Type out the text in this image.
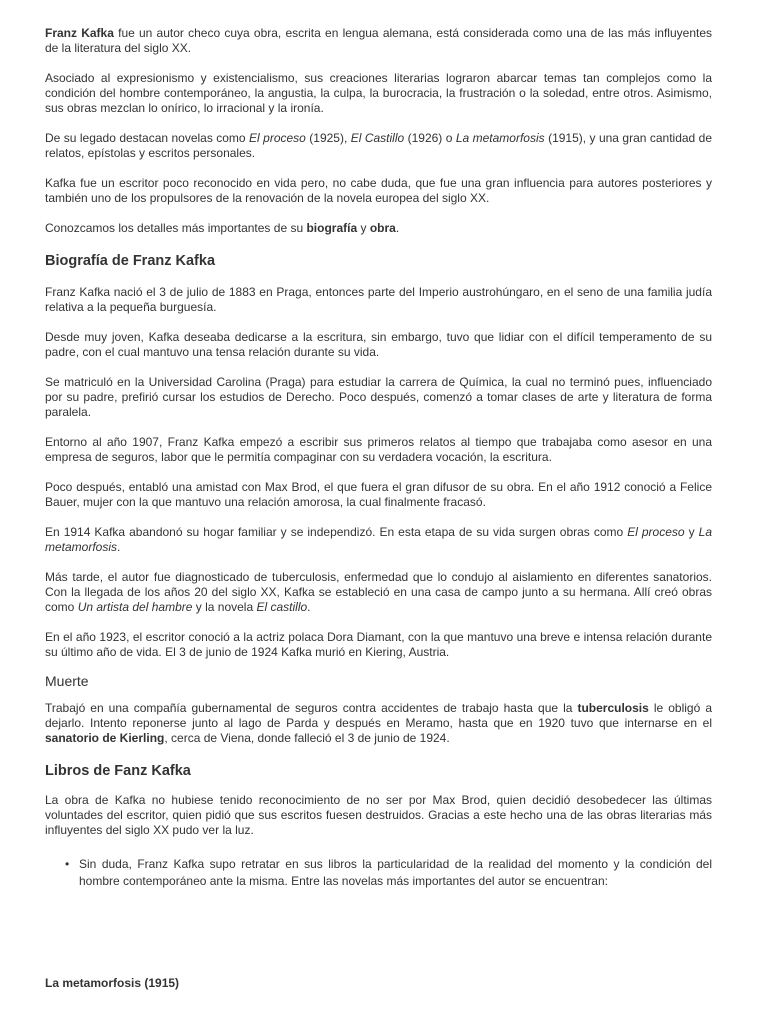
Franz Kafka fue un autor checo cuya obra, escrita en lengua alemana, está considerada como una de las más influyentes de la literatura del siglo XX.

Asociado al expresionismo y existencialismo, sus creaciones literarias lograron abarcar temas tan complejos como la condición del hombre contemporáneo, la angustia, la culpa, la burocracia, la frustración o la soledad, entre otros. Asimismo, sus obras mezclan lo onírico, lo irracional y la ironía.

De su legado destacan novelas como El proceso (1925), El Castillo (1926) o La metamorfosis (1915), y una gran cantidad de relatos, epístolas y escritos personales.

Kafka fue un escritor poco reconocido en vida pero, no cabe duda, que fue una gran influencia para autores posteriores y también uno de los propulsores de la renovación de la novela europea del siglo XX.

Conozcamos los detalles más importantes de su biografía y obra.

Biografía de Franz Kafka

Franz Kafka nació el 3 de julio de 1883 en Praga, entonces parte del Imperio austrohúngaro, en el seno de una familia judía relativa a la pequeña burguesía.

Desde muy joven, Kafka deseaba dedicarse a la escritura, sin embargo, tuvo que lidiar con el difícil temperamento de su padre, con el cual mantuvo una tensa relación durante su vida.

Se matriculó en la Universidad Carolina (Praga) para estudiar la carrera de Química, la cual no terminó pues, influenciado por su padre, prefirió cursar los estudios de Derecho. Poco después, comenzó a tomar clases de arte y literatura de forma paralela.

Entorno al año 1907, Franz Kafka empezó a escribir sus primeros relatos al tiempo que trabajaba como asesor en una empresa de seguros, labor que le permitía compaginar con su verdadera vocación, la escritura.

Poco después, entabló una amistad con Max Brod, el que fuera el gran difusor de su obra. En el año 1912 conoció a Felice Bauer, mujer con la que mantuvo una relación amorosa, la cual finalmente fracasó.

En 1914 Kafka abandonó su hogar familiar y se independizó. En esta etapa de su vida surgen obras como El proceso y La metamorfosis.

Más tarde, el autor fue diagnosticado de tuberculosis, enfermedad que lo condujo al aislamiento en diferentes sanatorios. Con la llegada de los años 20 del siglo XX, Kafka se estableció en una casa de campo junto a su hermana. Allí creó obras como Un artista del hambre y la novela El castillo.

En el año 1923, el escritor conoció a la actriz polaca Dora Diamant, con la que mantuvo una breve e intensa relación durante su último año de vida. El 3 de junio de 1924 Kafka murió en Kiering, Austria.

Muerte

Trabajó en una compañía gubernamental de seguros contra accidentes de trabajo hasta que la tuberculosis le obligó a dejarlo. Intento reponerse junto al lago de Parda y después en Meramo, hasta que en 1920 tuvo que internarse en el sanatorio de Kierling, cerca de Viena, donde falleció el 3 de junio de 1924.

Libros de Fanz Kafka

La obra de Kafka no hubiese tenido reconocimiento de no ser por Max Brod, quien decidió desobedecer las últimas voluntades del escritor, quien pidió que sus escritos fuesen destruidos. Gracias a este hecho una de las obras literarias más influyentes del siglo XX pudo ver la luz.

• Sin duda, Franz Kafka supo retratar en sus libros la particularidad de la realidad del momento y la condición del hombre contemporáneo ante la misma. Entre las novelas más importantes del autor se encuentran:
La metamorfosis (1915)
